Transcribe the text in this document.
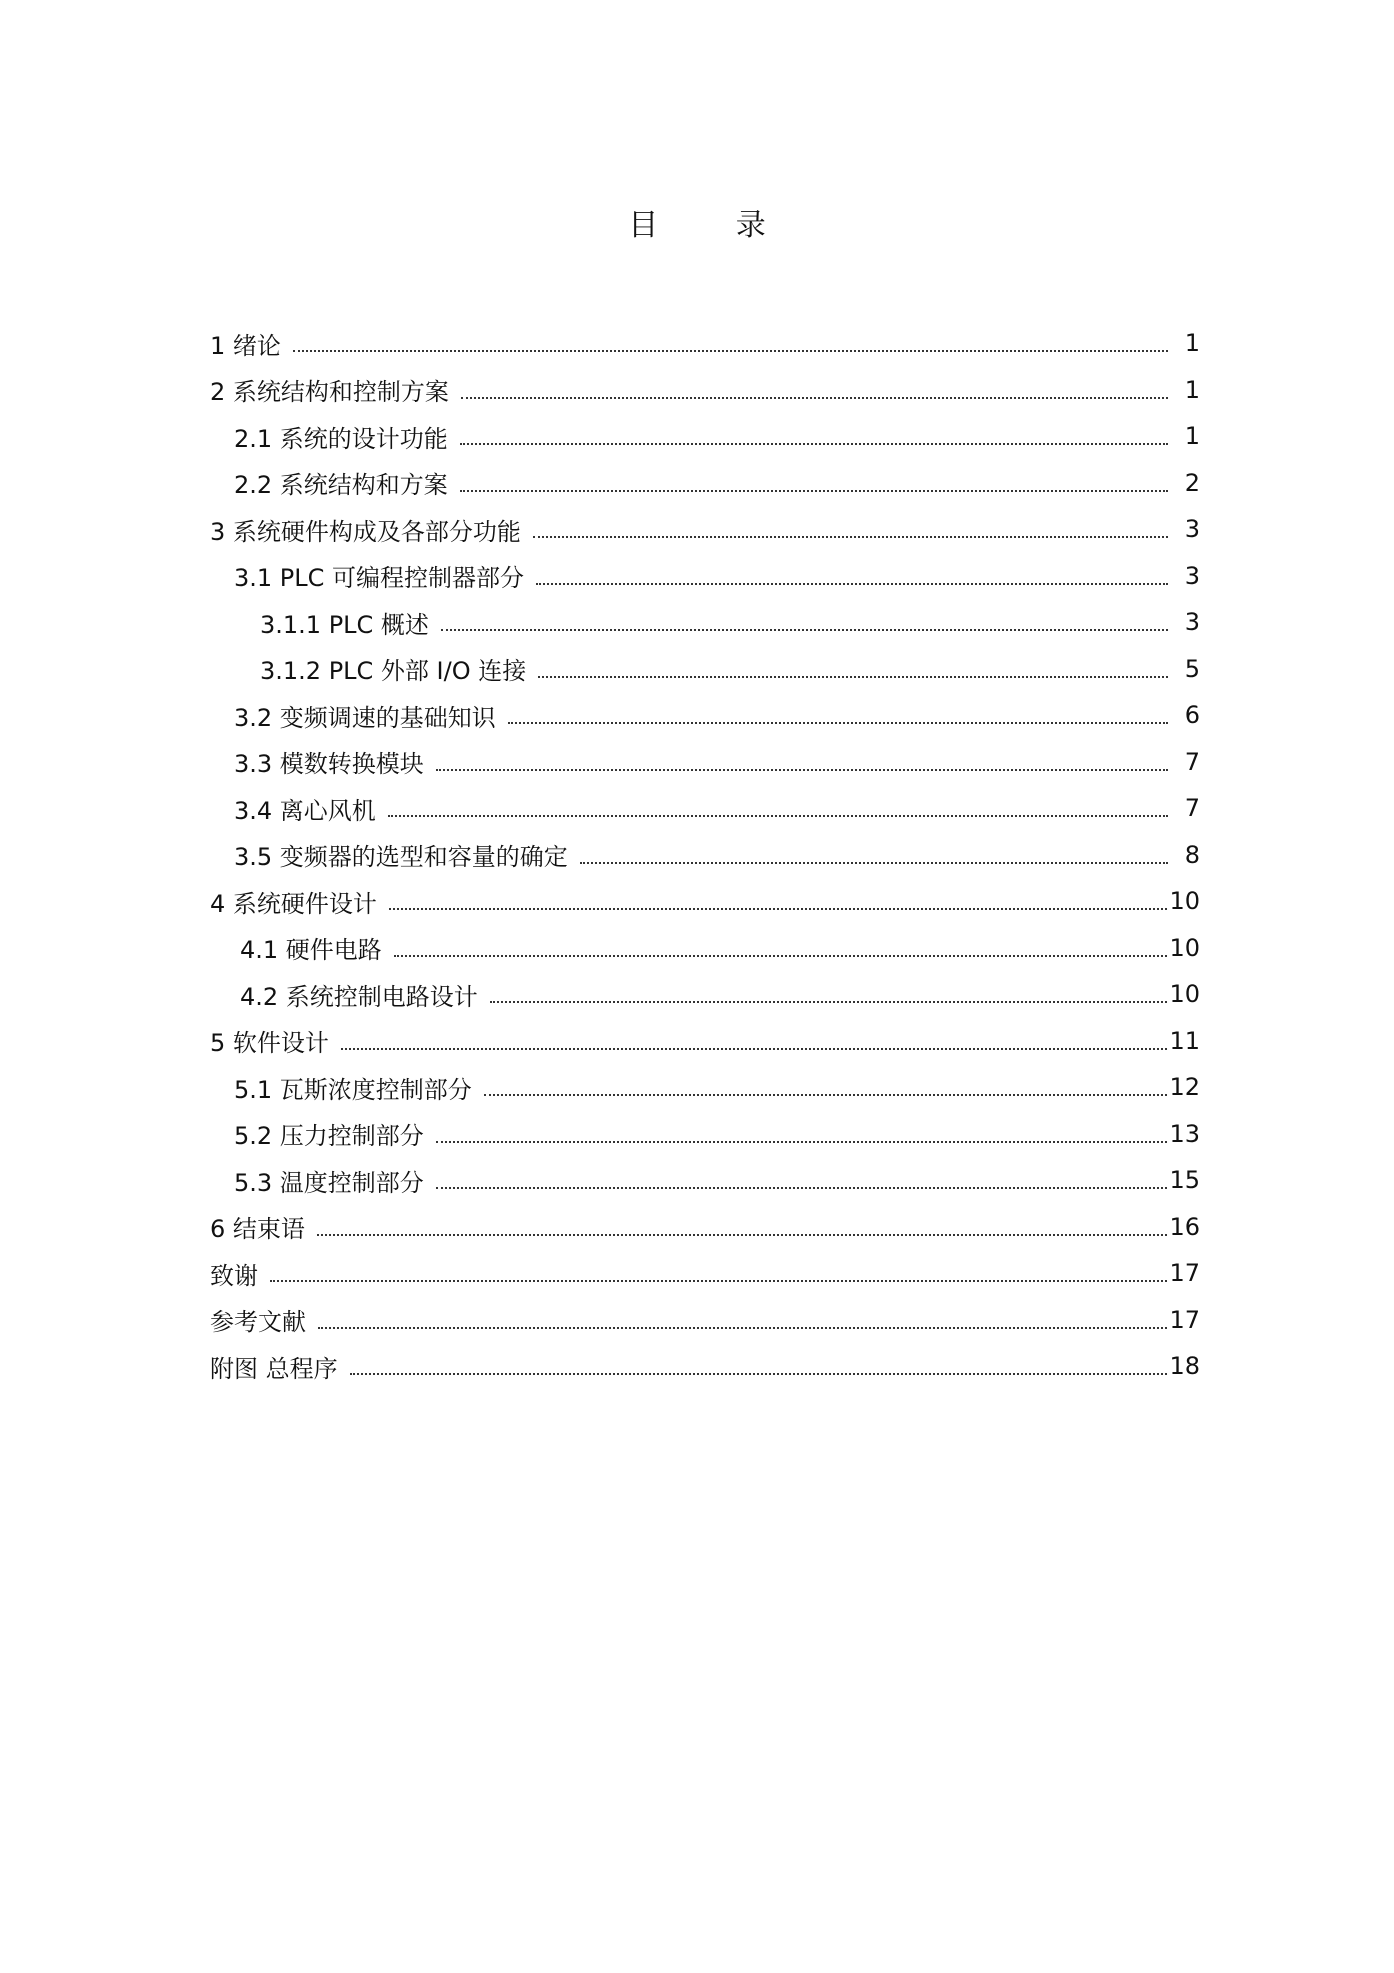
目 录
1 绪论	1
2 系统结构和控制方案	1
2.1 系统的设计功能	1
2.2 系统结构和方案	2
3 系统硬件构成及各部分功能	3
3.1 PLC 可编程控制器部分	3
3.1.1 PLC 概述	3
3.1.2 PLC 外部 I/O 连接	5
3.2 变频调速的基础知识	6
3.3 模数转换模块	7
3.4 离心风机	7
3.5 变频器的选型和容量的确定	8
4 系统硬件设计	10
4.1 硬件电路	10
4.2 系统控制电路设计	10
5 软件设计	11
5.1 瓦斯浓度控制部分	12
5.2 压力控制部分	13
5.3 温度控制部分	15
6 结束语	16
致谢	17
参考文献	17
附图 总程序	18
